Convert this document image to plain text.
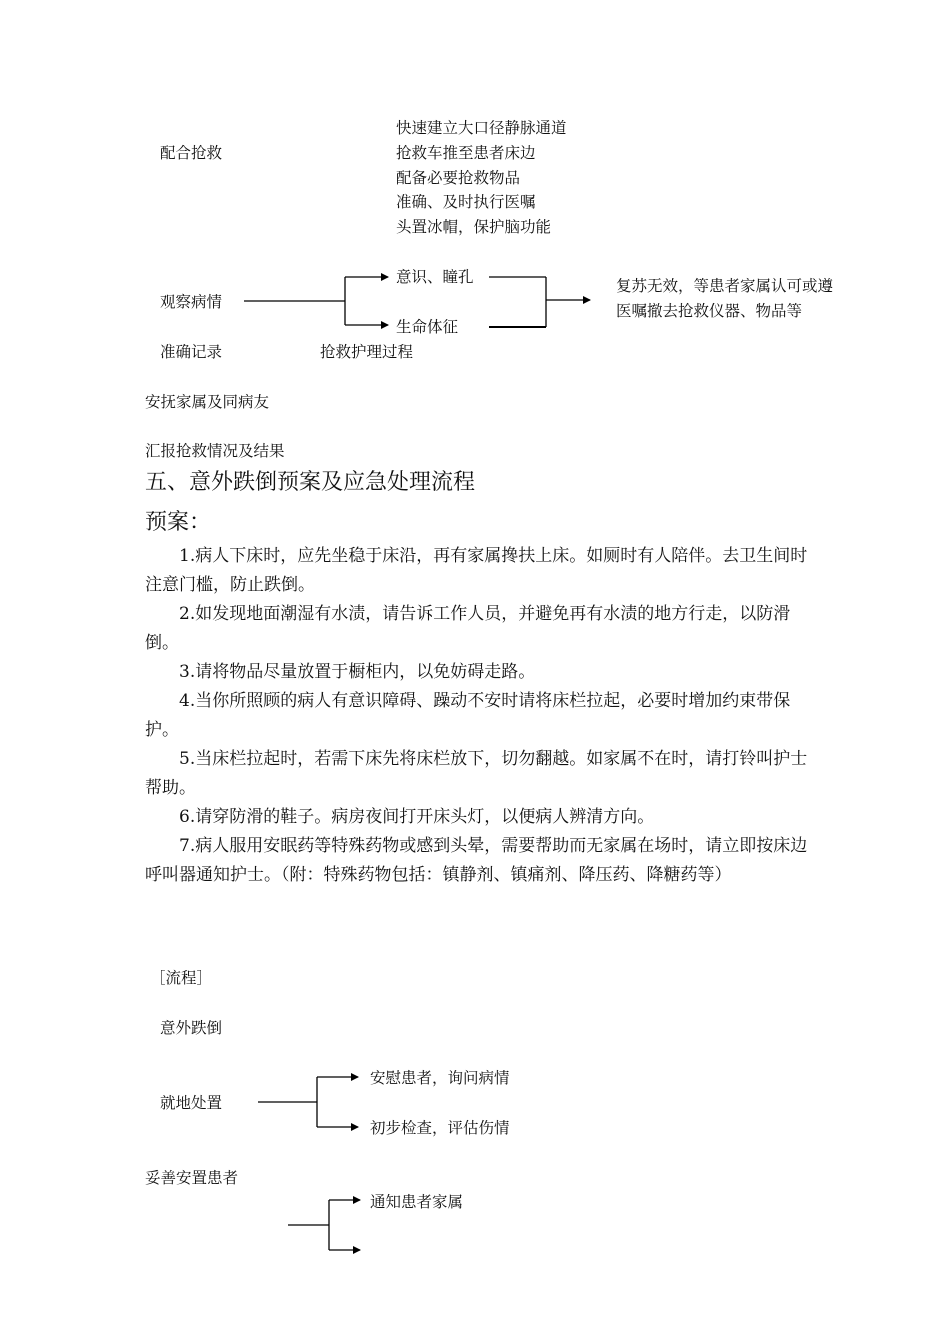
配合抢救
快速建立大口径静脉通道
抢救车推至患者床边
配备必要抢救物品
准确、及时执行医嘱
头置冰帽，保护脑功能
观察病情
意识、瞳孔
生命体征
复苏无效，等患者家属认可或遵
医嘱撤去抢救仪器、物品等
准确记录	抢救护理过程
安抚家属及同病友
汇报抢救情况及结果
五、意外跌倒预案及应急处理流程
预案：
1.病人下床时，应先坐稳于床沿，再有家属搀扶上床。如厕时有人陪伴。去卫生间时注意门槛，防止跌倒。
2.如发现地面潮湿有水渍，请告诉工作人员，并避免再有水渍的地方行走，以防滑倒。
3.请将物品尽量放置于橱柜内，以免妨碍走路。
4.当你所照顾的病人有意识障碍、躁动不安时请将床栏拉起，必要时增加约束带保护。
5.当床栏拉起时，若需下床先将床栏放下，切勿翻越。如家属不在时，请打铃叫护士帮助。
6.请穿防滑的鞋子。病房夜间打开床头灯，以便病人辨清方向。
7.病人服用安眠药等特殊药物或感到头晕，需要帮助而无家属在场时，请立即按床边呼叫器通知护士。（附：特殊药物包括：镇静剂、镇痛剂、降压药、降糖药等）
［流程］
意外跌倒
就地处置
安慰患者，询问病情
初步检查，评估伤情
妥善安置患者
通知患者家属
